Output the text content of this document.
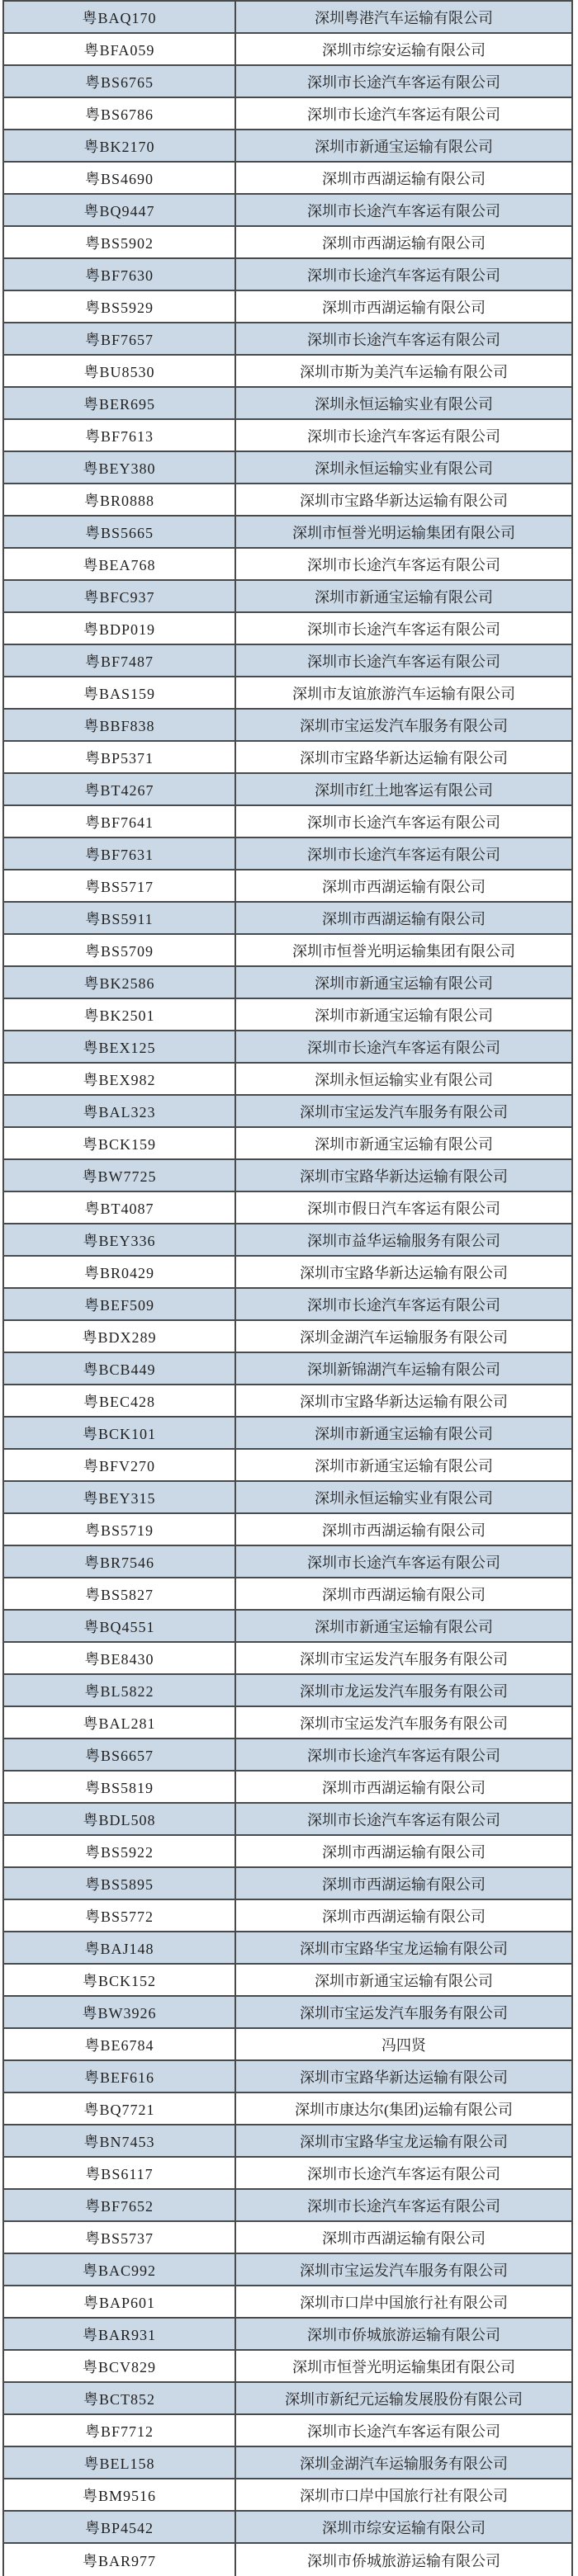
粤BAQ170	深圳粤港汽车运输有限公司
粤BFA059	深圳市综安运输有限公司
粤BS6765	深圳市长途汽车客运有限公司
粤BS6786	深圳市长途汽车客运有限公司
粤BK2170	深圳市新通宝运输有限公司
粤BS4690	深圳市西湖运输有限公司
粤BQ9447	深圳市长途汽车客运有限公司
粤BS5902	深圳市西湖运输有限公司
粤BF7630	深圳市长途汽车客运有限公司
粤BS5929	深圳市西湖运输有限公司
粤BF7657	深圳市长途汽车客运有限公司
粤BU8530	深圳市斯为美汽车运输有限公司
粤BER695	深圳永恒运输实业有限公司
粤BF7613	深圳市长途汽车客运有限公司
粤BEY380	深圳永恒运输实业有限公司
粤BR0888	深圳市宝路华新达运输有限公司
粤BS5665	深圳市恒誉光明运输集团有限公司
粤BEA768	深圳市长途汽车客运有限公司
粤BFC937	深圳市新通宝运输有限公司
粤BDP019	深圳市长途汽车客运有限公司
粤BF7487	深圳市长途汽车客运有限公司
粤BAS159	深圳市友谊旅游汽车运输有限公司
粤BBF838	深圳市宝运发汽车服务有限公司
粤BP5371	深圳市宝路华新达运输有限公司
粤BT4267	深圳市红土地客运有限公司
粤BF7641	深圳市长途汽车客运有限公司
粤BF7631	深圳市长途汽车客运有限公司
粤BS5717	深圳市西湖运输有限公司
粤BS5911	深圳市西湖运输有限公司
粤BS5709	深圳市恒誉光明运输集团有限公司
粤BK2586	深圳市新通宝运输有限公司
粤BK2501	深圳市新通宝运输有限公司
粤BEX125	深圳市长途汽车客运有限公司
粤BEX982	深圳永恒运输实业有限公司
粤BAL323	深圳市宝运发汽车服务有限公司
粤BCK159	深圳市新通宝运输有限公司
粤BW7725	深圳市宝路华新达运输有限公司
粤BT4087	深圳市假日汽车客运有限公司
粤BEY336	深圳市益华运输服务有限公司
粤BR0429	深圳市宝路华新达运输有限公司
粤BEF509	深圳市长途汽车客运有限公司
粤BDX289	深圳金湖汽车运输服务有限公司
粤BCB449	深圳新锦湖汽车运输有限公司
粤BEC428	深圳市宝路华新达运输有限公司
粤BCK101	深圳市新通宝运输有限公司
粤BFV270	深圳市新通宝运输有限公司
粤BEY315	深圳永恒运输实业有限公司
粤BS5719	深圳市西湖运输有限公司
粤BR7546	深圳市长途汽车客运有限公司
粤BS5827	深圳市西湖运输有限公司
粤BQ4551	深圳市新通宝运输有限公司
粤BE8430	深圳市宝运发汽车服务有限公司
粤BL5822	深圳市龙运发汽车服务有限公司
粤BAL281	深圳市宝运发汽车服务有限公司
粤BS6657	深圳市长途汽车客运有限公司
粤BS5819	深圳市西湖运输有限公司
粤BDL508	深圳市长途汽车客运有限公司
粤BS5922	深圳市西湖运输有限公司
粤BS5895	深圳市西湖运输有限公司
粤BS5772	深圳市西湖运输有限公司
粤BAJ148	深圳市宝路华宝龙运输有限公司
粤BCK152	深圳市新通宝运输有限公司
粤BW3926	深圳市宝运发汽车服务有限公司
粤BE6784	冯四贤
粤BEF616	深圳市宝路华新达运输有限公司
粤BQ7721	深圳市康达尔(集团)运输有限公司
粤BN7453	深圳市宝路华宝龙运输有限公司
粤BS6117	深圳市长途汽车客运有限公司
粤BF7652	深圳市长途汽车客运有限公司
粤BS5737	深圳市西湖运输有限公司
粤BAC992	深圳市宝运发汽车服务有限公司
粤BAP601	深圳市口岸中国旅行社有限公司
粤BAR931	深圳市侨城旅游运输有限公司
粤BCV829	深圳市恒誉光明运输集团有限公司
粤BCT852	深圳市新纪元运输发展股份有限公司
粤BF7712	深圳市长途汽车客运有限公司
粤BEL158	深圳金湖汽车运输服务有限公司
粤BM9516	深圳市口岸中国旅行社有限公司
粤BP4542	深圳市综安运输有限公司
粤BAR977	深圳市侨城旅游运输有限公司
